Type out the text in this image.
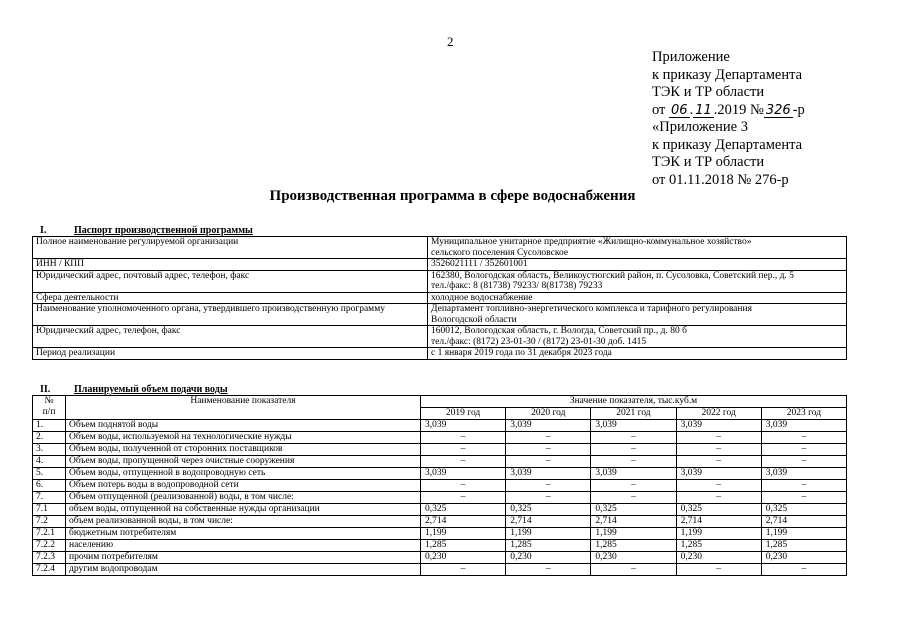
2
Приложение
к приказу Департамента
ТЭК и ТР области
от 06 . 11 .2019 № 326 -р
«Приложение 3
к приказу Департамента
ТЭК и ТР области
от 01.11.2018 № 276-р
Производственная программа в сфере водоснабжения
I.	Паспорт производственной программы
Полное наименование регулируемой организации	Муниципальное унитарное предприятие «Жилищно-коммунальное хозяйство»
сельского поселения Сусоловское

ИНН / КПП	3526021111 / 352601001

Юридический адрес, почтовый адрес, телефон, факс	162380, Вологодская область, Великоустюгский район, п. Сусоловка, Советский пер., д. 5
тел./факс: 8 (81738) 79233/ 8(81738) 79233

Сфера деятельности	холодное водоснабжение

Наименование уполномоченного органа, утвердившего производственную программу	Департамент топливно-энергетического комплекса и тарифного регулирования
Вологодской области

Юридический адрес, телефон, факс	160012, Вологодская область, г. Вологда, Советский пр., д. 80 б
тел./факс: (8172) 23-01-30 / (8172) 23-01-30 доб. 1415

Период реализации	с 1 января 2019 года по 31 декабря 2023 года
II. Планируемый объем подачи воды
№
п/п	Наименование показателя	Значение показателя, тыс.куб.м				
		2019 год	2020 год	2021 год	2022 год	2023 год
1.	Объем поднятой воды	3,039	3,039	3,039	3,039	3,039
2.	Объем воды, используемой на технологические нужды	–	–	–	–	–
3.	Объем воды, полученной от сторонних поставщиков	–	–	–	–	–
4.	Объем воды, пропущенной через очистные сооружения	–	–	–	–	–
5.	Объем воды, отпущенной в водопроводную сеть	3,039	3,039	3,039	3,039	3,039
6.	Объем потерь воды в водопроводной сети	–	–	–	–	–
7.	Объем отпущенной (реализованной) воды, в том числе:	–	–	–	–	–
7.1	объем воды, отпущенной на собственные нужды организации	0,325	0,325	0,325	0,325	0,325
7.2	объем реализованной воды, в том числе:	2,714	2,714	2,714	2,714	2,714
7.2.1	бюджетным потребителям	1,199	1,199	1,199	1,199	1,199
7.2.2	населению	1,285	1,285	1,285	1,285	1,285
7.2.3	прочим потребителям	0,230	0,230	0,230	0,230	0,230
7.2.4	другим водопроводам	–	–	–	–	–
